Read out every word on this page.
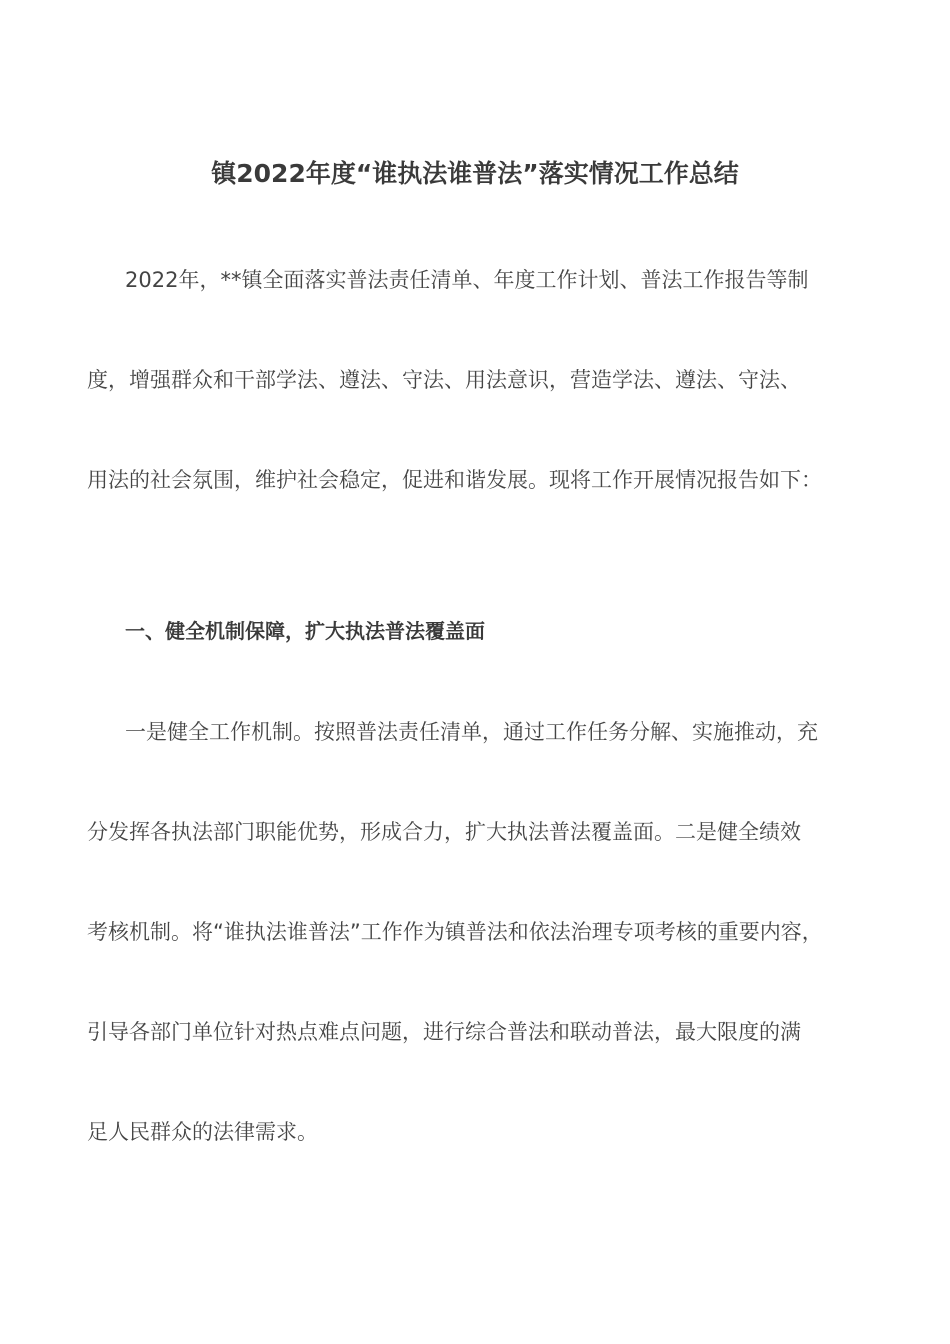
镇2022年度“谁执法谁普法”落实情况工作总结
2022年，**镇全面落实普法责任清单、年度工作计划、普法工作报告等制
度，增强群众和干部学法、遵法、守法、用法意识，营造学法、遵法、守法、
用法的社会氛围，维护社会稳定，促进和谐发展。现将工作开展情况报告如下：
一、健全机制保障，扩大执法普法覆盖面
一是健全工作机制。按照普法责任清单，通过工作任务分解、实施推动，充
分发挥各执法部门职能优势，形成合力，扩大执法普法覆盖面。二是健全绩效
考核机制。将“谁执法谁普法”工作作为镇普法和依法治理专项考核的重要内容，
引导各部门单位针对热点难点问题，进行综合普法和联动普法，最大限度的满
足人民群众的法律需求。
